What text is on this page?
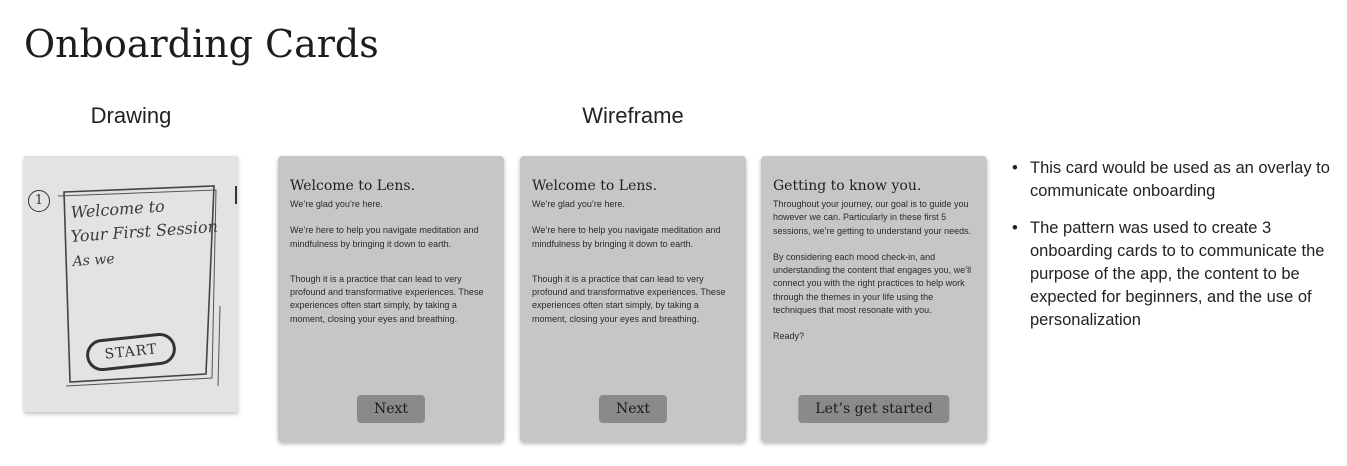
Onboarding Cards
Drawing	Wireframe
1	Welcome to
Your First Session
As we
START
Welcome to Lens.

We’re glad you’re here.

We’re here to help you navigate meditation and mindfulness by bringing it down to earth.

Though it is a practice that can lead to very profound and transformative experiences. These experiences often start simply, by taking a moment, closing your eyes and breathing.

Next
Welcome to Lens.

We’re glad you’re here.

We’re here to help you navigate meditation and mindfulness by bringing it down to earth.

Though it is a practice that can lead to very profound and transformative experiences. These experiences often start simply, by taking a moment, closing your eyes and breathing.

Next
Getting to know you.

Throughout your journey, our goal is to guide you however we can. Particularly in these first 5 sessions, we’re getting to understand your needs.

By considering each mood check-in, and understanding the content that engages you, we’ll connect you with the right practices to help work through the themes in your life using the techniques that most resonate with you.

Ready?

Let’s get started
• This card would be used as an overlay to communicate onboarding
• The pattern was used to create 3 onboarding cards to to communicate the purpose of the app, the content to be expected for beginners, and the use of personalization
